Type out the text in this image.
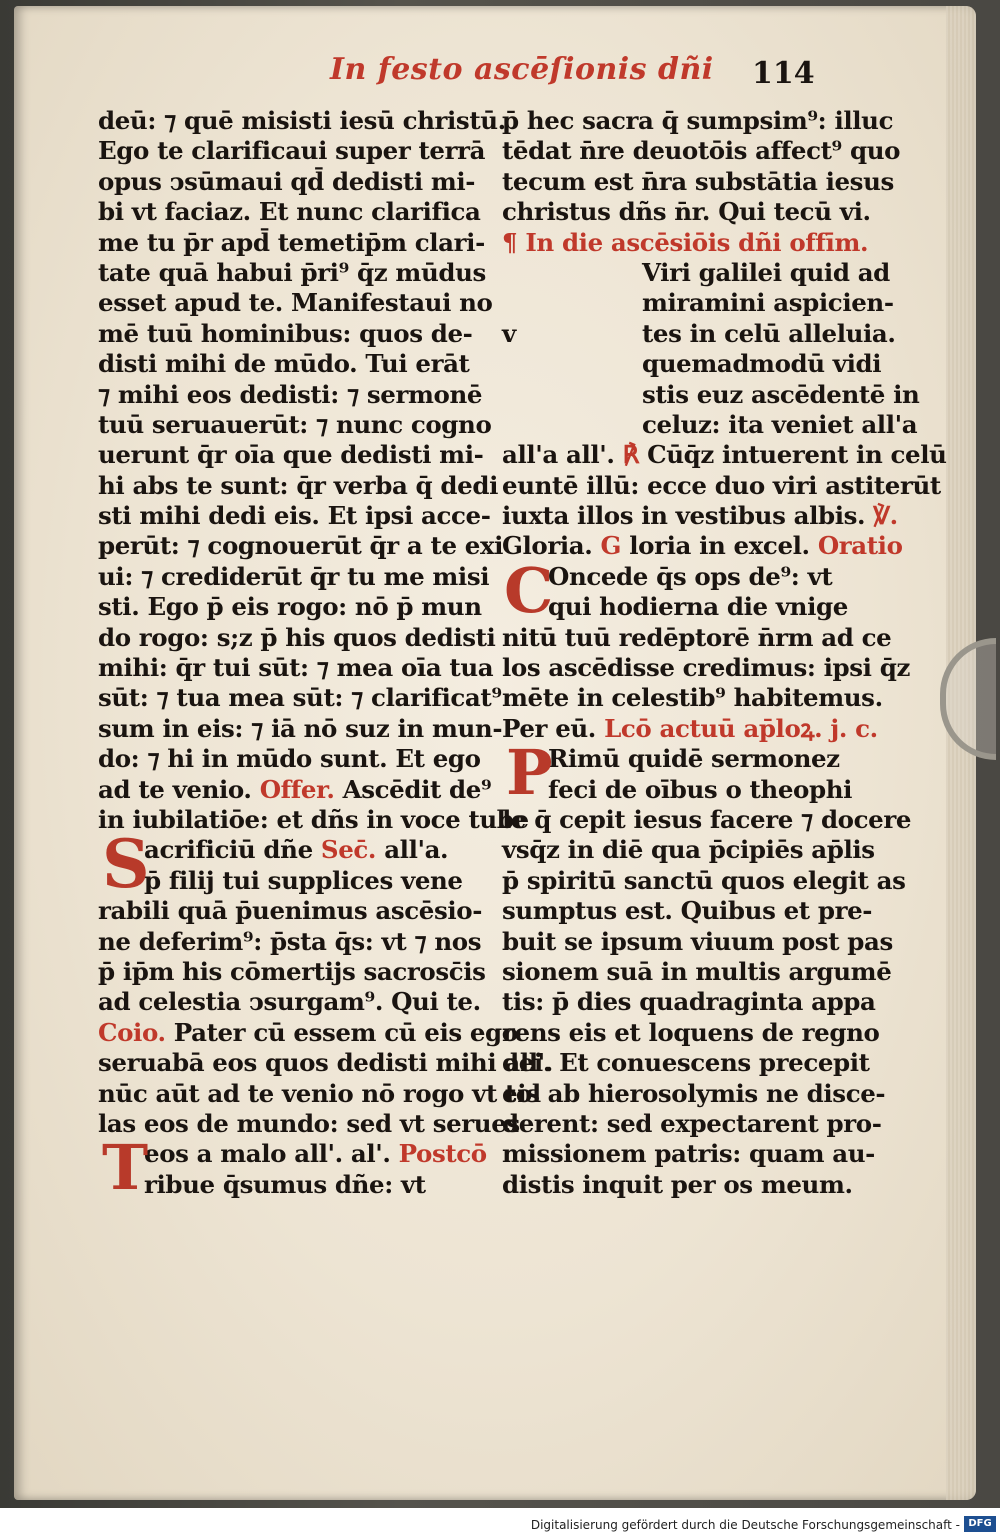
In festo ascēſionis dñi 114
deū: ⁊ quē misisti iesū christū.
Ego te clarificaui super terrā
opus ↄsūmaui qd̄ dedisti mi-
bi vt faciaz. Et nunc clarifica
me tu p̄r apd̄ temetip̄m clari-
tate quā habui p̄ri⁹ q̄z mūdus
esset apud te. Manifestaui no
mē tuū hominibus: quos de-
disti mihi de mūdo. Tui erāt
⁊ mihi eos dedisti: ⁊ sermonē
tuū seruauerūt: ⁊ nunc cogno
uerunt q̄r oīa que dedisti mi-
hi abs te sunt: q̄r verba q̄ dedi
sti mihi dedi eis. Et ipsi acce-
perūt: ⁊ cognouerūt q̄r a te exi
ui: ⁊ crediderūt q̄r tu me misi
sti. Ego p̄ eis rogo: nō p̄ mun
do rogo: s;z p̄ his quos dedisti
mihi: q̄r tui sūt: ⁊ mea oīa tua
sūt: ⁊ tua mea sūt: ⁊ clarificat⁹
sum in eis: ⁊ iā nō suz in mun-
do: ⁊ hi in mūdo sunt. Et ego
ad te venio. Offer. Ascēdit de⁹
in iubilatiōe: et dñs in voce tube
S
acrificiū dñe Sec̄. all'a.
p̄ filij tui supplices vene
rabili quā p̄uenimus ascēsio-
ne deferim⁹: p̄sta q̄s: vt ⁊ nos
p̄ ip̄m his cōmertijs sacrosc̄is
ad celestia ↄsurgam⁹. Qui te.
Coio. Pater cū essem cū eis ego
seruabā eos quos dedisti mihi all'.
nūc aūt ad te venio nō rogo vt tol
las eos de mundo: sed vt serues
T
eos a malo all'. al'. Postcō
ribue q̄sumus dñe: vt
p̄ hec sacra q̄ sumpsim⁹: illuc
tēdat n̄re deuotōis affect⁹ quo
tecum est n̄ra substātia iesus
christus dñs n̄r. Qui tecū vi.
¶ In die ascēsiōis dñi offīm.
Viri galilei quid ad
miramini aspicien-
v	tes in celū alleluia.
quemadmodū vidi
stis euz ascēdentē in
celuz: ita veniet all'a
all'a all'. ℟ Cūq̄z intuerent in celū
euntē illū: ecce duo viri astiterūt
iuxta illos in vestibus albis. ℣.
Gloria. G loria in excel. Oratio
C
Oncede q̄s ops de⁹: vt
qui hodierna die vnige
nitū tuū redēptorē n̄rm ad ce
los ascēdisse credimus: ipsi q̄z
mēte in celestib⁹ habitemus.
Per eū. Lcō actuū ap̄loꝝ. j. c.
P
Rimū quidē sermonez
feci de oībus o theophi
le q̄ cepit iesus facere ⁊ docere
vsq̄z in diē qua p̄cipiēs ap̄lis
p̄ spiritū sanctū quos elegit as
sumptus est. Quibus et pre-
buit se ipsum viuum post pas
sionem suā in multis argumē
tis: p̄ dies quadraginta appa
rens eis et loquens de regno
dei. Et conuescens precepit
eis ab hierosolymis ne disce-
derent: sed expectarent pro-
missionem patris: quam au-
distis inquit per os meum.
Digitalisierung gefördert durch die Deutsche Forschungsgemeinschaft - DFG
